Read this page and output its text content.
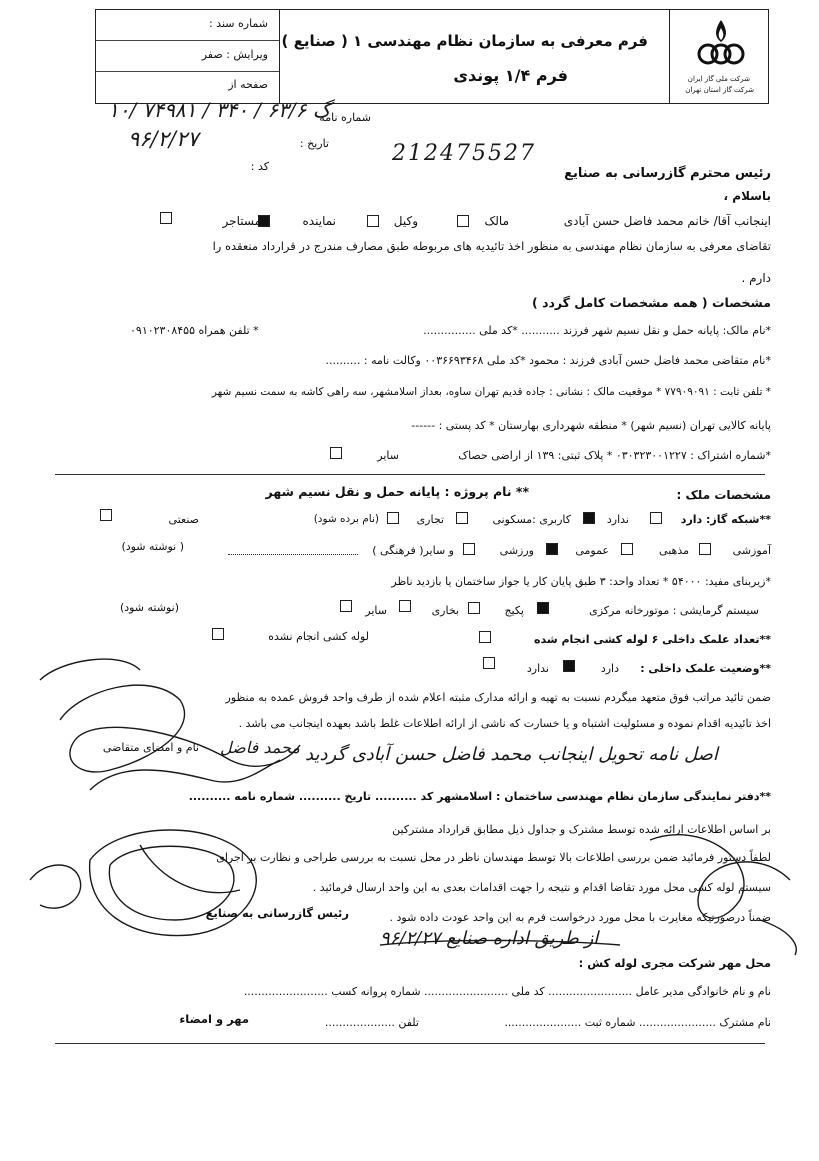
شماره سند :
ویرایش : صفر
صفحه از
فرم معرفی به سازمان نظام مهندسی ۱ ( صنایع )
فرم ۱/۴ پوندی	شرکت ملی گاز ایران
شرکت گاز استان تهران
شماره نامه
۱۰/ ۷۴۹۸۱ / ۳۴۰ / ۶۳/۶ گ
تاریخ :
۹۶/۲/۲۷
کد :
212475527
رئیس محترم گازرسانی به صنایع
باسلام ،
اینجانب آقا/ خانم محمد فاضل حسن آبادی
مالک
وکیل
نماینده
مستاجر
تقاضای معرفی به سازمان نظام مهندسی به منظور اخذ تائیدیه های مربوطه طبق مصارف مندرج در قرارداد منعقده را
دارم .
مشخصات ( همه مشخصات کامل گردد )
*نام مالک: پایانه حمل و نقل نسیم شهر فرزند ........... *کد ملی ...............
* تلفن همراه ۰۹۱۰۲۳۰۸۴۵۵
*نام متقاضی محمد فاضل حسن آبادی فرزند : محمود *کد ملی ۰۰۳۶۶۹۳۴۶۸ وکالت نامه : ..........
* تلفن ثابت : ۷۷۹۰۹۰۹۱ * موقعیت مالک : نشانی : جاده قدیم تهران ساوه، بعداز اسلامشهر، سه راهی کاشه به سمت نسیم شهر
پایانه کالایی تهران (نسیم شهر) * منطقه شهرداری بهارستان * کد پستی : ------
*شماره اشتراک : ۰۳۰۳۲۳۰۰۱۲۲۷ * پلاک ثبتی: ۱۳۹ از اراضی حصاک
سایر
مشخصات ملک :
** نام پروژه : پایانه حمل و نقل نسیم شهر
**شبکه گاز: دارد
ندارد
کاربری :مسکونی
تجاری
(نام برده شود)
صنعتی
آموزشی
مذهبی
عمومی
ورزشی
و سایر( فرهنگی )
( نوشته شود)
*زیربنای مفید: ۵۴۰۰۰ * تعداد واحد: ۳ طبق پایان کار یا جواز ساختمان یا بازدید ناظر
سیستم گرمایشی : موتورخانه مرکزی
پکیج
بخاری
سایر
(نوشته شود)
**تعداد علمک داخلی ۶ لوله کشی انجام شده
لوله کشی انجام نشده
**وضعیت علمک داخلی :
دارد
ندارد
ضمن تائید مراتب فوق متعهد میگردم نسبت به تهیه و ارائه مدارک مثبته اعلام شده از طرف واحد فروش عمده به منظور
اخذ تائیدیه اقدام نموده و مسئولیت اشتباه و یا خسارت که ناشی از ارائه اطلاعات غلط باشد بعهده اینجانب می باشد .
اصل نامه تحویل اینجانب محمد فاضل حسن آبادی گردید
نام و امضای متقاضی محمد فاضل
**دفتر نمایندگی سازمان نظام مهندسی ساختمان : اسلامشهر کد .......... تاریخ .......... شماره نامه ..........
بر اساس اطلاعات ارائه شده توسط مشترک و جداول ذیل مطابق قرارداد مشترکین
لطفاً دستور فرمائید ضمن بررسی اطلاعات بالا توسط مهندسان ناظر در محل نسبت به بررسی طراحی و نظارت بر اجرای
سیستم لوله کشی محل مورد تقاضا اقدام و نتیجه را جهت اقدامات بعدی به این واحد ارسال فرمائید .
ضمناً درصورتیکه مغایرت با محل مورد درخواست فرم به این واحد عودت داده شود .
رئیس گازرسانی به صنایع
از طریق اداره صنایع ۹۶/۲/۲۷
محل مهر شرکت مجری لوله کش :
نام و نام خانوادگی مدیر عامل ........................ کد ملی ........................ شماره پروانه کسب ........................
نام مشترک ...................... شماره ثبت ......................
تلفن ....................
مهر و امضاء
